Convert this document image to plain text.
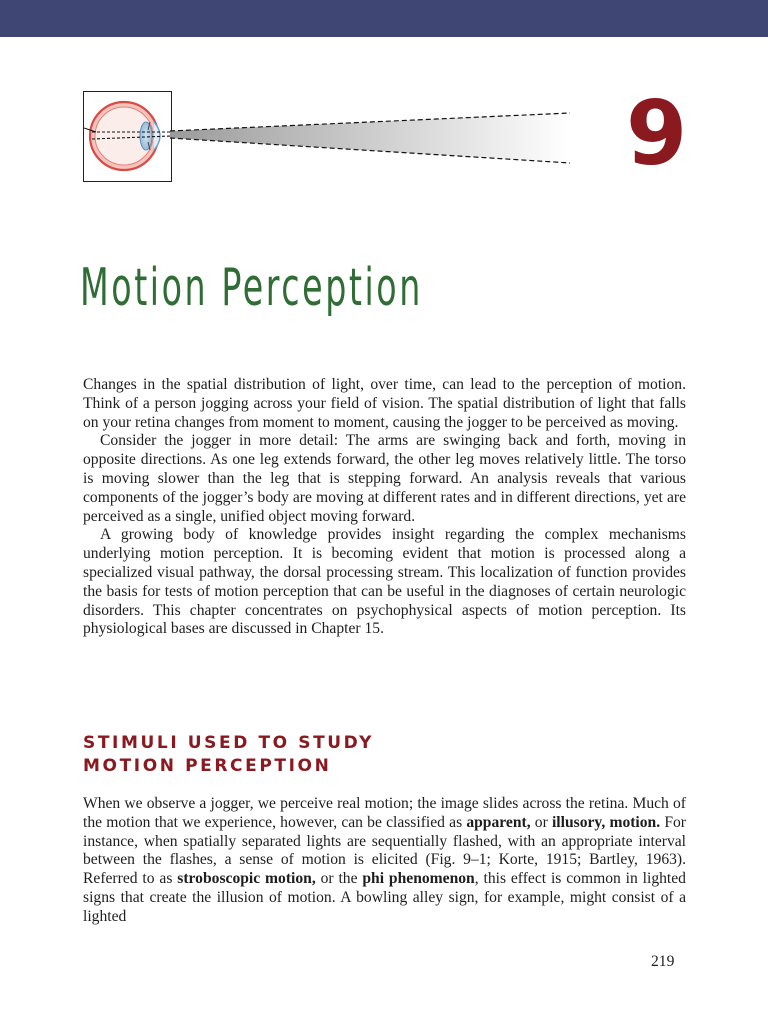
9
Motion Perception

Changes in the spatial distribution of light, over time, can lead to the perception of motion. Think of a person jogging across your field of vision. The spatial distribution of light that falls on your retina changes from moment to moment, causing the jogger to be perceived as moving.

Consider the jogger in more detail: The arms are swinging back and forth, moving in opposite directions. As one leg extends forward, the other leg moves relatively little. The torso is moving slower than the leg that is stepping forward. An analysis reveals that various components of the jogger’s body are moving at different rates and in different directions, yet are perceived as a single, unified object moving forward.

A growing body of knowledge provides insight regarding the complex mechanisms underlying motion perception. It is becoming evident that motion is processed along a specialized visual pathway, the dorsal processing stream. This localization of function provides the basis for tests of motion perception that can be useful in the diagnoses of certain neurologic disorders. This chapter concentrates on psychophysical aspects of motion perception. Its physiological bases are discussed in Chapter 15.

STIMULI USED TO STUDY
MOTION PERCEPTION

When we observe a jogger, we perceive real motion; the image slides across the retina. Much of the motion that we experience, however, can be classified as apparent, or illusory, motion. For instance, when spatially separated lights are sequentially flashed, with an appropriate interval between the flashes, a sense of motion is elicited (Fig. 9–1; Korte, 1915; Bartley, 1963). Referred to as stroboscopic motion, or the phi phenomenon, this effect is common in lighted signs that create the illusion of motion. A bowling alley sign, for example, might consist of a lighted

219
